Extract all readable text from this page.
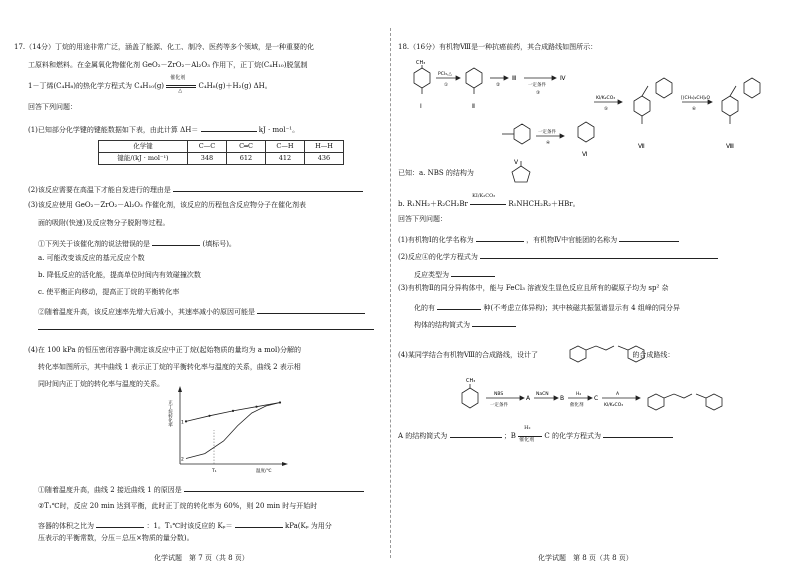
17.（14分）丁烷的用途非常广泛，涵盖了能源、化工、制冷、医药等多个领域，是一种重要的化
工原料和燃料。在金属氧化物催化剂 GeO₂－ZrO₂－Al₂O₃ 作用下，正丁烷(C₄H₁₀)脱氢制
1－丁烯(C₄H₈)的热化学方程式为 C₄H₁₀(g)
催化剂
△
C₄H₈(g)＋H₂(g) ΔH。
回答下列问题：
(1)已知部分化学键的键能数据如下表，由此计算 ΔH＝	kJ · mol⁻¹。
化学键	C—C	C═C	C—H	H—H
键能/(kJ · mol⁻¹)	348	612	412	436
(2)该反应需要在高温下才能自发进行的理由是
(3)该反应使用 GeO₂－ZrO₂－Al₂O₃ 作催化剂，该反应的历程包含反应物分子在催化剂表
面的吸附(快速)及反应物分子脱附等过程。
①下列关于该催化剂的说法错误的是	(填标号)。
a. 可能改变该反应的基元反应个数
b. 降低反应的活化能，提高单位时间内有效碰撞次数
c. 使平衡正向移动，提高正丁烷的平衡转化率
②随着温度升高，该反应速率先增大后减小，其速率减小的原因可能是
(4)在 100 kPa 的恒压密闭容器中测定该反应中正丁烷(起始物质的量均为 a mol)分解的
转化率如图所示，其中曲线 1 表示正丁烷的平衡转化率与温度的关系，曲线 2 表示相
同时间内正丁烷的转化率与温度的关系。
正丁烷转化率
温度/℃
T₁
1
2
①随着温度升高，曲线 2 接近曲线 1 的原因是
②T₁℃时，反应 20 min 达到平衡，此时正丁烷的转化率为 60%，则 20 min 时与开始时
容器的体积之比为	：1。T₁℃时该反应的 Kₚ＝	kPa(Kₚ 为用分
压表示的平衡常数，分压＝总压×物质的量分数)。
化学试题　第 7 页（共 8 页）
18.（16分）有机物Ⅷ是一种抗癌前药，其合成路线如图所示：
CH₃
Ⅰ
PCl₃,△
①
Ⅱ
②
Ⅲ
一定条件
③
Ⅳ
Ⅴ
一定条件
④
Ⅵ
KI/K₂CO₃
⑤
Ⅶ
[(CH₃)₂CH]₂O
⑥
Ⅷ
已知：a. NBS 的结构为
b. R₁NH₂＋R₂CH₂Br
KI/K₂CO₃
R₁NHCH₂R₂＋HBr。
回答下列问题：
(1)有机物Ⅰ的化学名称为	，有机物Ⅳ中官能团的名称为
(2)反应④的化学方程式为
反应类型为
(3)有机物Ⅱ的同分异构体中，能与 FeCl₃ 溶液发生显色反应且所有的碳原子均为 sp² 杂
化的有	种(不考虑立体异构)；其中核磁共振氢谱显示有 4 组峰的同分异
构体的结构简式为
(4)某同学结合有机物Ⅷ的合成路线，设计了	的合成路线：
CH₃
NBS
一定条件
A
NaCN
B
H₂
催化剂
C
A
KI/K₂CO₃
A 的结构简式为	；B
H₂
催化剂 C 的化学方程式为
化学试题　第 8 页（共 8 页）
